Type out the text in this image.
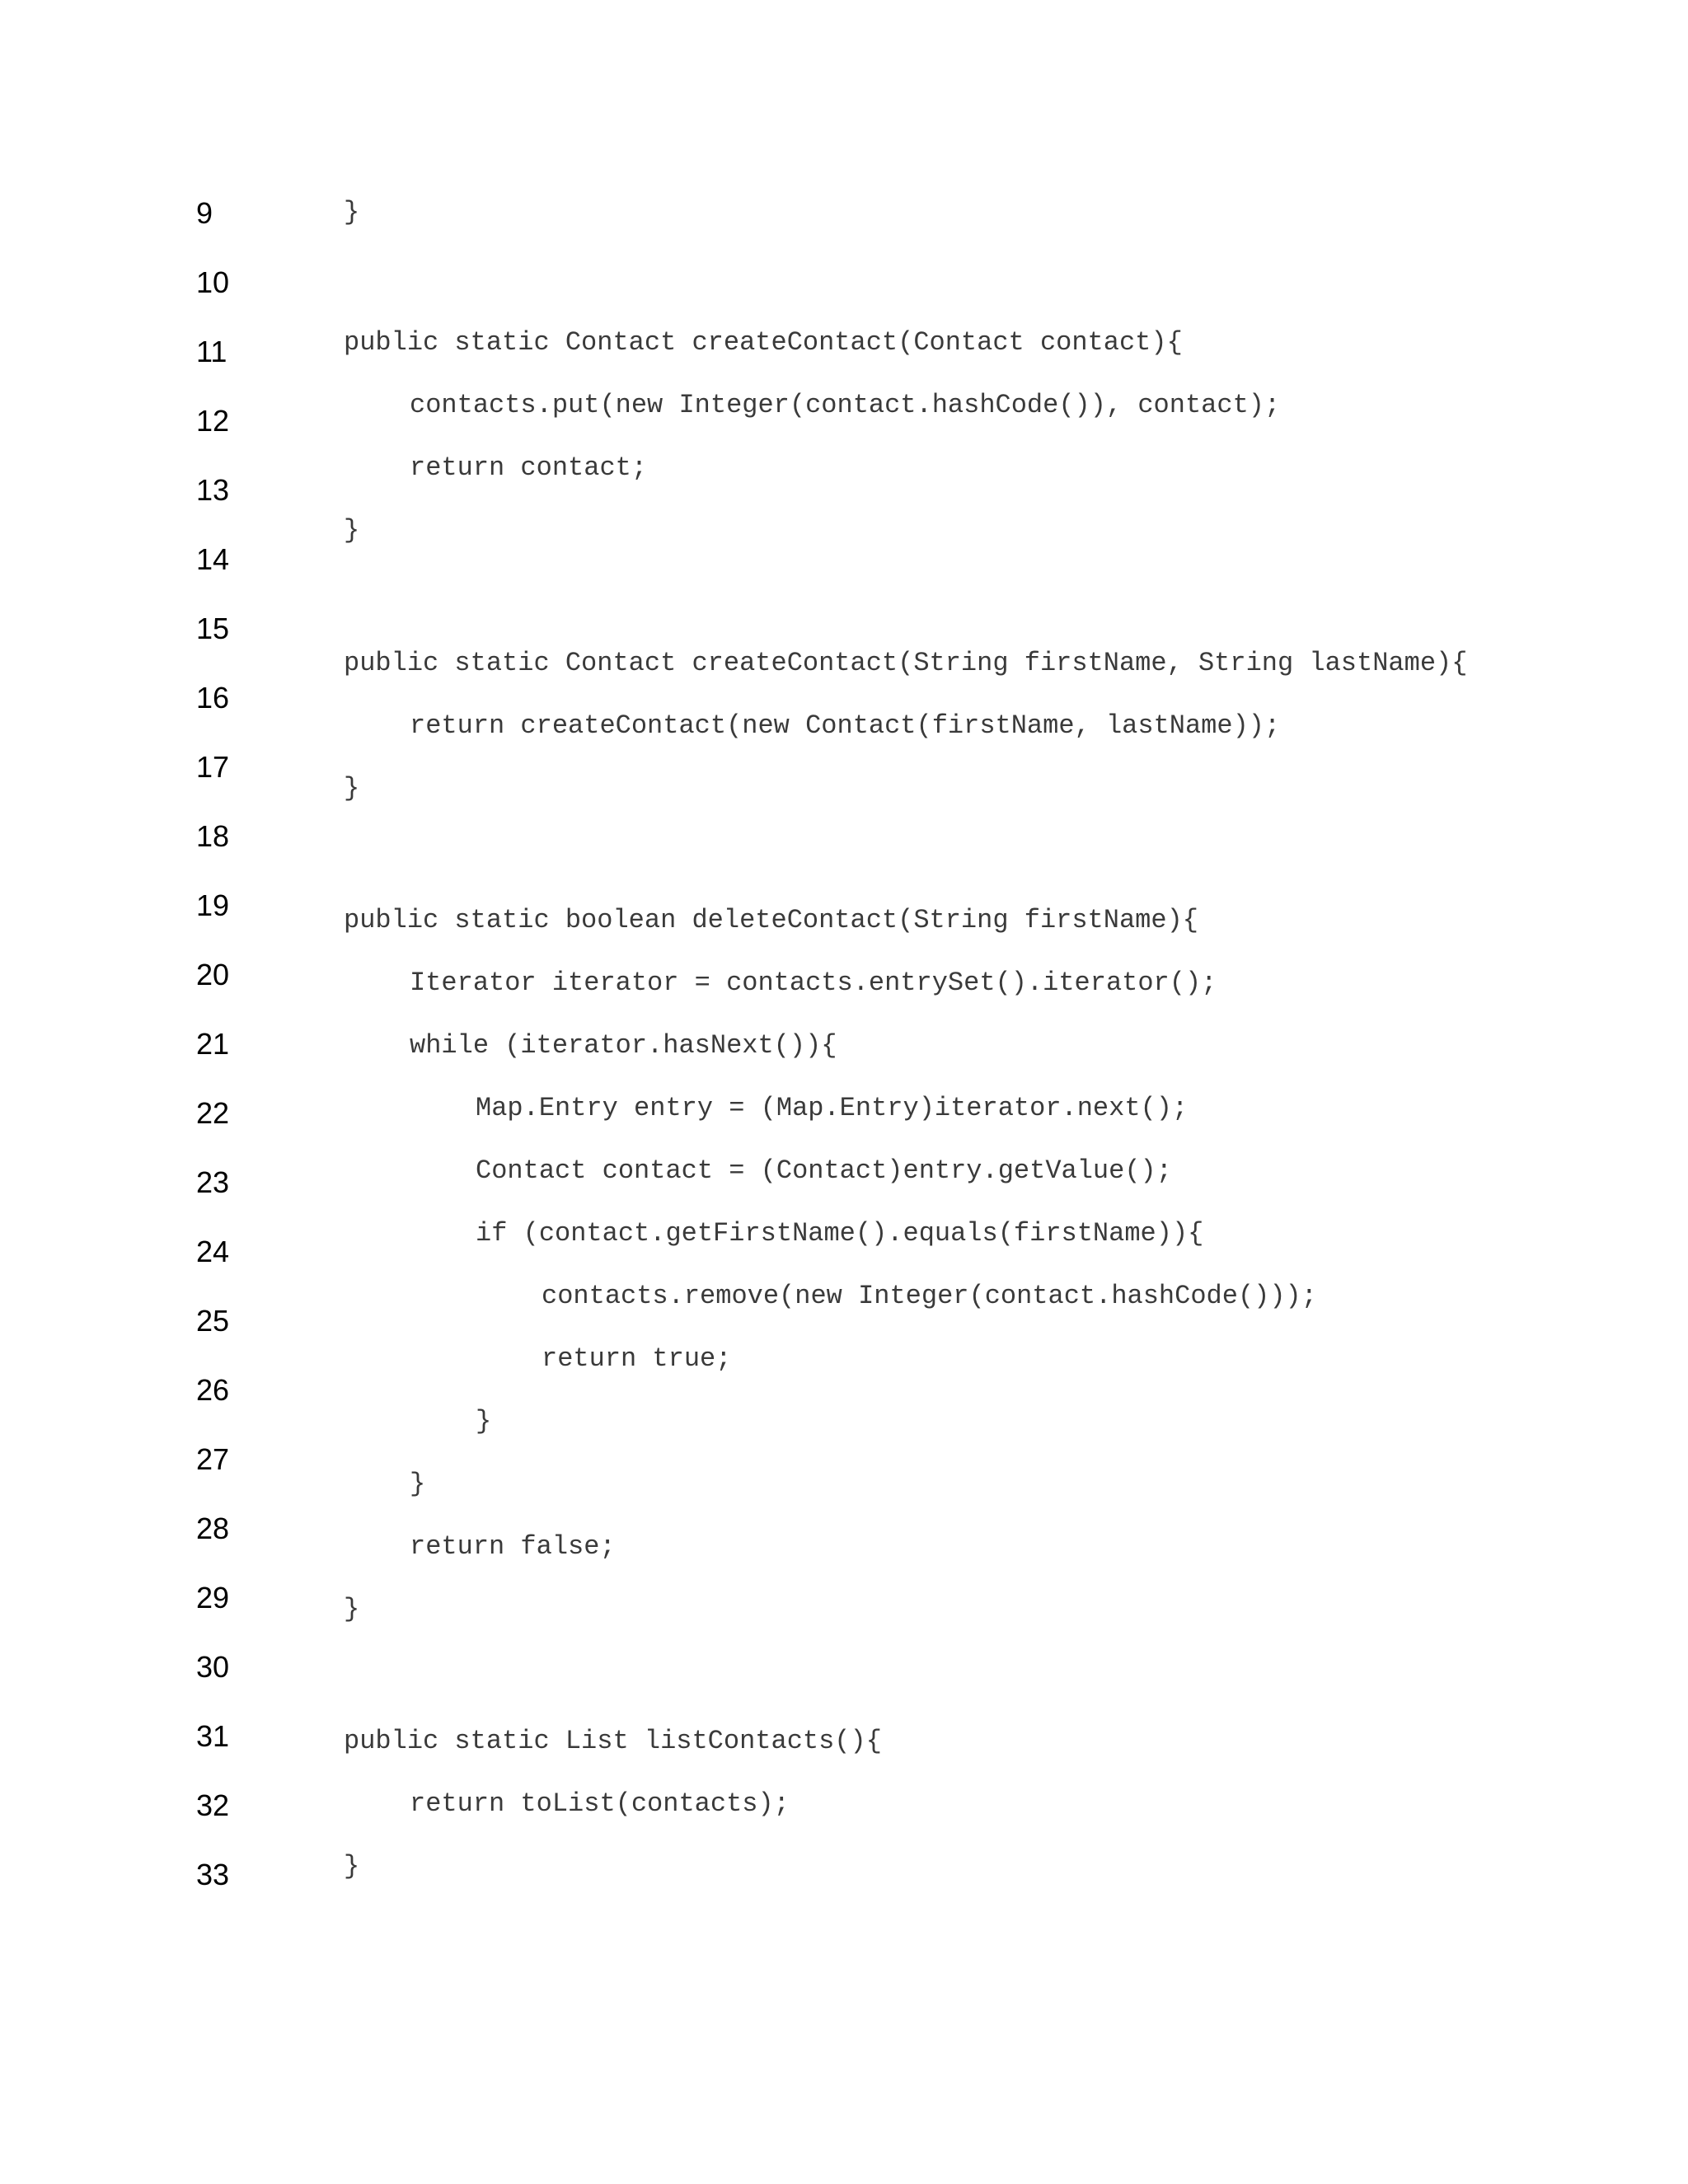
9
10
11
12
13
14
15
16
17
18
19
20
21
22
23
24
25
26
27
28
29
30
31
32
33
}
public static Contact createContact(Contact contact){
contacts.put(new Integer(contact.hashCode()), contact);
return contact;
}
public static Contact createContact(String firstName, String lastName){
return createContact(new Contact(firstName, lastName));
}
public static boolean deleteContact(String firstName){
Iterator iterator = contacts.entrySet().iterator();
while (iterator.hasNext()){
Map.Entry entry = (Map.Entry)iterator.next();
Contact contact = (Contact)entry.getValue();
if (contact.getFirstName().equals(firstName)){
contacts.remove(new Integer(contact.hashCode()));
return true;
}
}
return false;
}
public static List listContacts(){
return toList(contacts);
}
